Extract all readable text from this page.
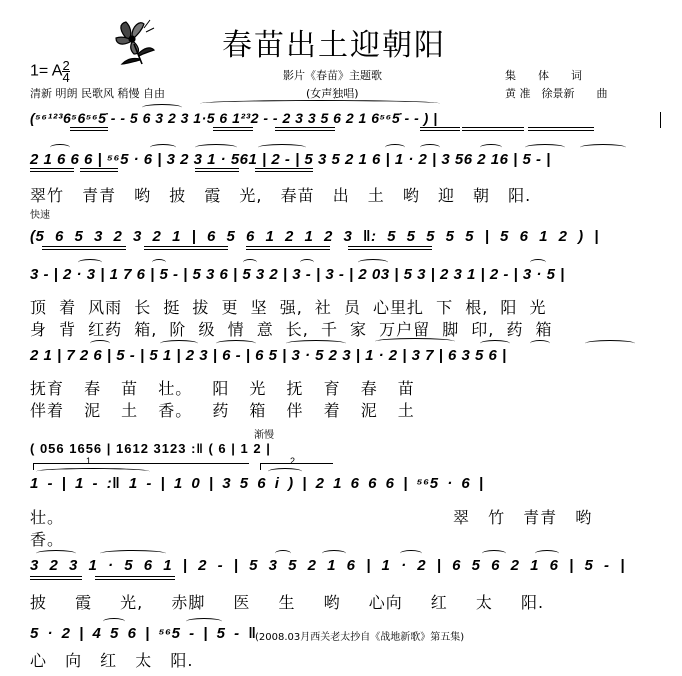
春苗出土迎朝阳
1= A $\frac{2}{4}$
清新 明朗 民歌风 稍慢 自由
影片《春苗》主题歌
(女声独唱)
集　　体　　词
黄 准　徐景新　　曲
(⁵⁶¹²³6⁵6⁵⁶5̇ - - 5 6 3 2 3 1·5 6 1²³2 - - 2 3 3 5 6 2 1 6⁵⁶5̇ - - ) |
2 1 6 6 6 | ⁵⁶5 · 6 | 3 2 3 1 · 561 | 2 - | 5 3 5 2 1 6 | 1 · 2 | 3 56 2 16 | 5 - |
翠竹 青青 哟 披 霞 光, 春苗 出 土 哟 迎 朝 阳.
快速
(5 6 5 3 2 3 2 1 | 6 5 6 1 2 1 2 3 ‖: 5 5 5 5 5 | 5 6 1 2 ) |
3 - | 2 · 3 | 1 7 6 | 5 - | 5 3 6 | 5 3 2 | 3 - | 3 - | 2 03 | 5 3 | 2 3 1 | 2 - | 3 · 5 |
顶 着 风雨 长 挺 拔 更 坚 强, 社 员 心里扎 下 根, 阳 光
身 背 红药 箱, 阶 级 情 意 长, 千 家 万户留 脚 印, 药 箱
2 1 | 7 2 6 | 5 - | 5 1 | 2 3 | 6 - | 6 5 | 3 · 5 2 3 | 1 · 2 | 3 7 | 6 3 5 6 |
抚育 春 苗 壮。 阳 光 抚 育 春 苗
伴着 泥 土 香。 药 箱 伴 着 泥 土
渐慢
( 056 1656 | 1612 3123 :‖ ( 6 | 1 2 |
1	2
1 - | 1 - :‖ 1 - | 1 0 | 3 5 6 i ) | 2 1 6 6 6 | ⁵⁶5 · 6 |
壮。	翠 竹 青青 哟
香。
3 2 3 1 · 5 6 1 | 2 - | 5 3 5 2 1 6 | 1 · 2 | 6 5 6 2 1 6 | 5 - |
披 霞 光, 赤脚 医 生 哟 心向 红 太 阳.
5 · 2 | 4 5 6 | ⁵⁶5 - | 5 - ‖
(2008.03月西关老太抄自《战地新歌》第五集)
心 向 红 太 阳.
